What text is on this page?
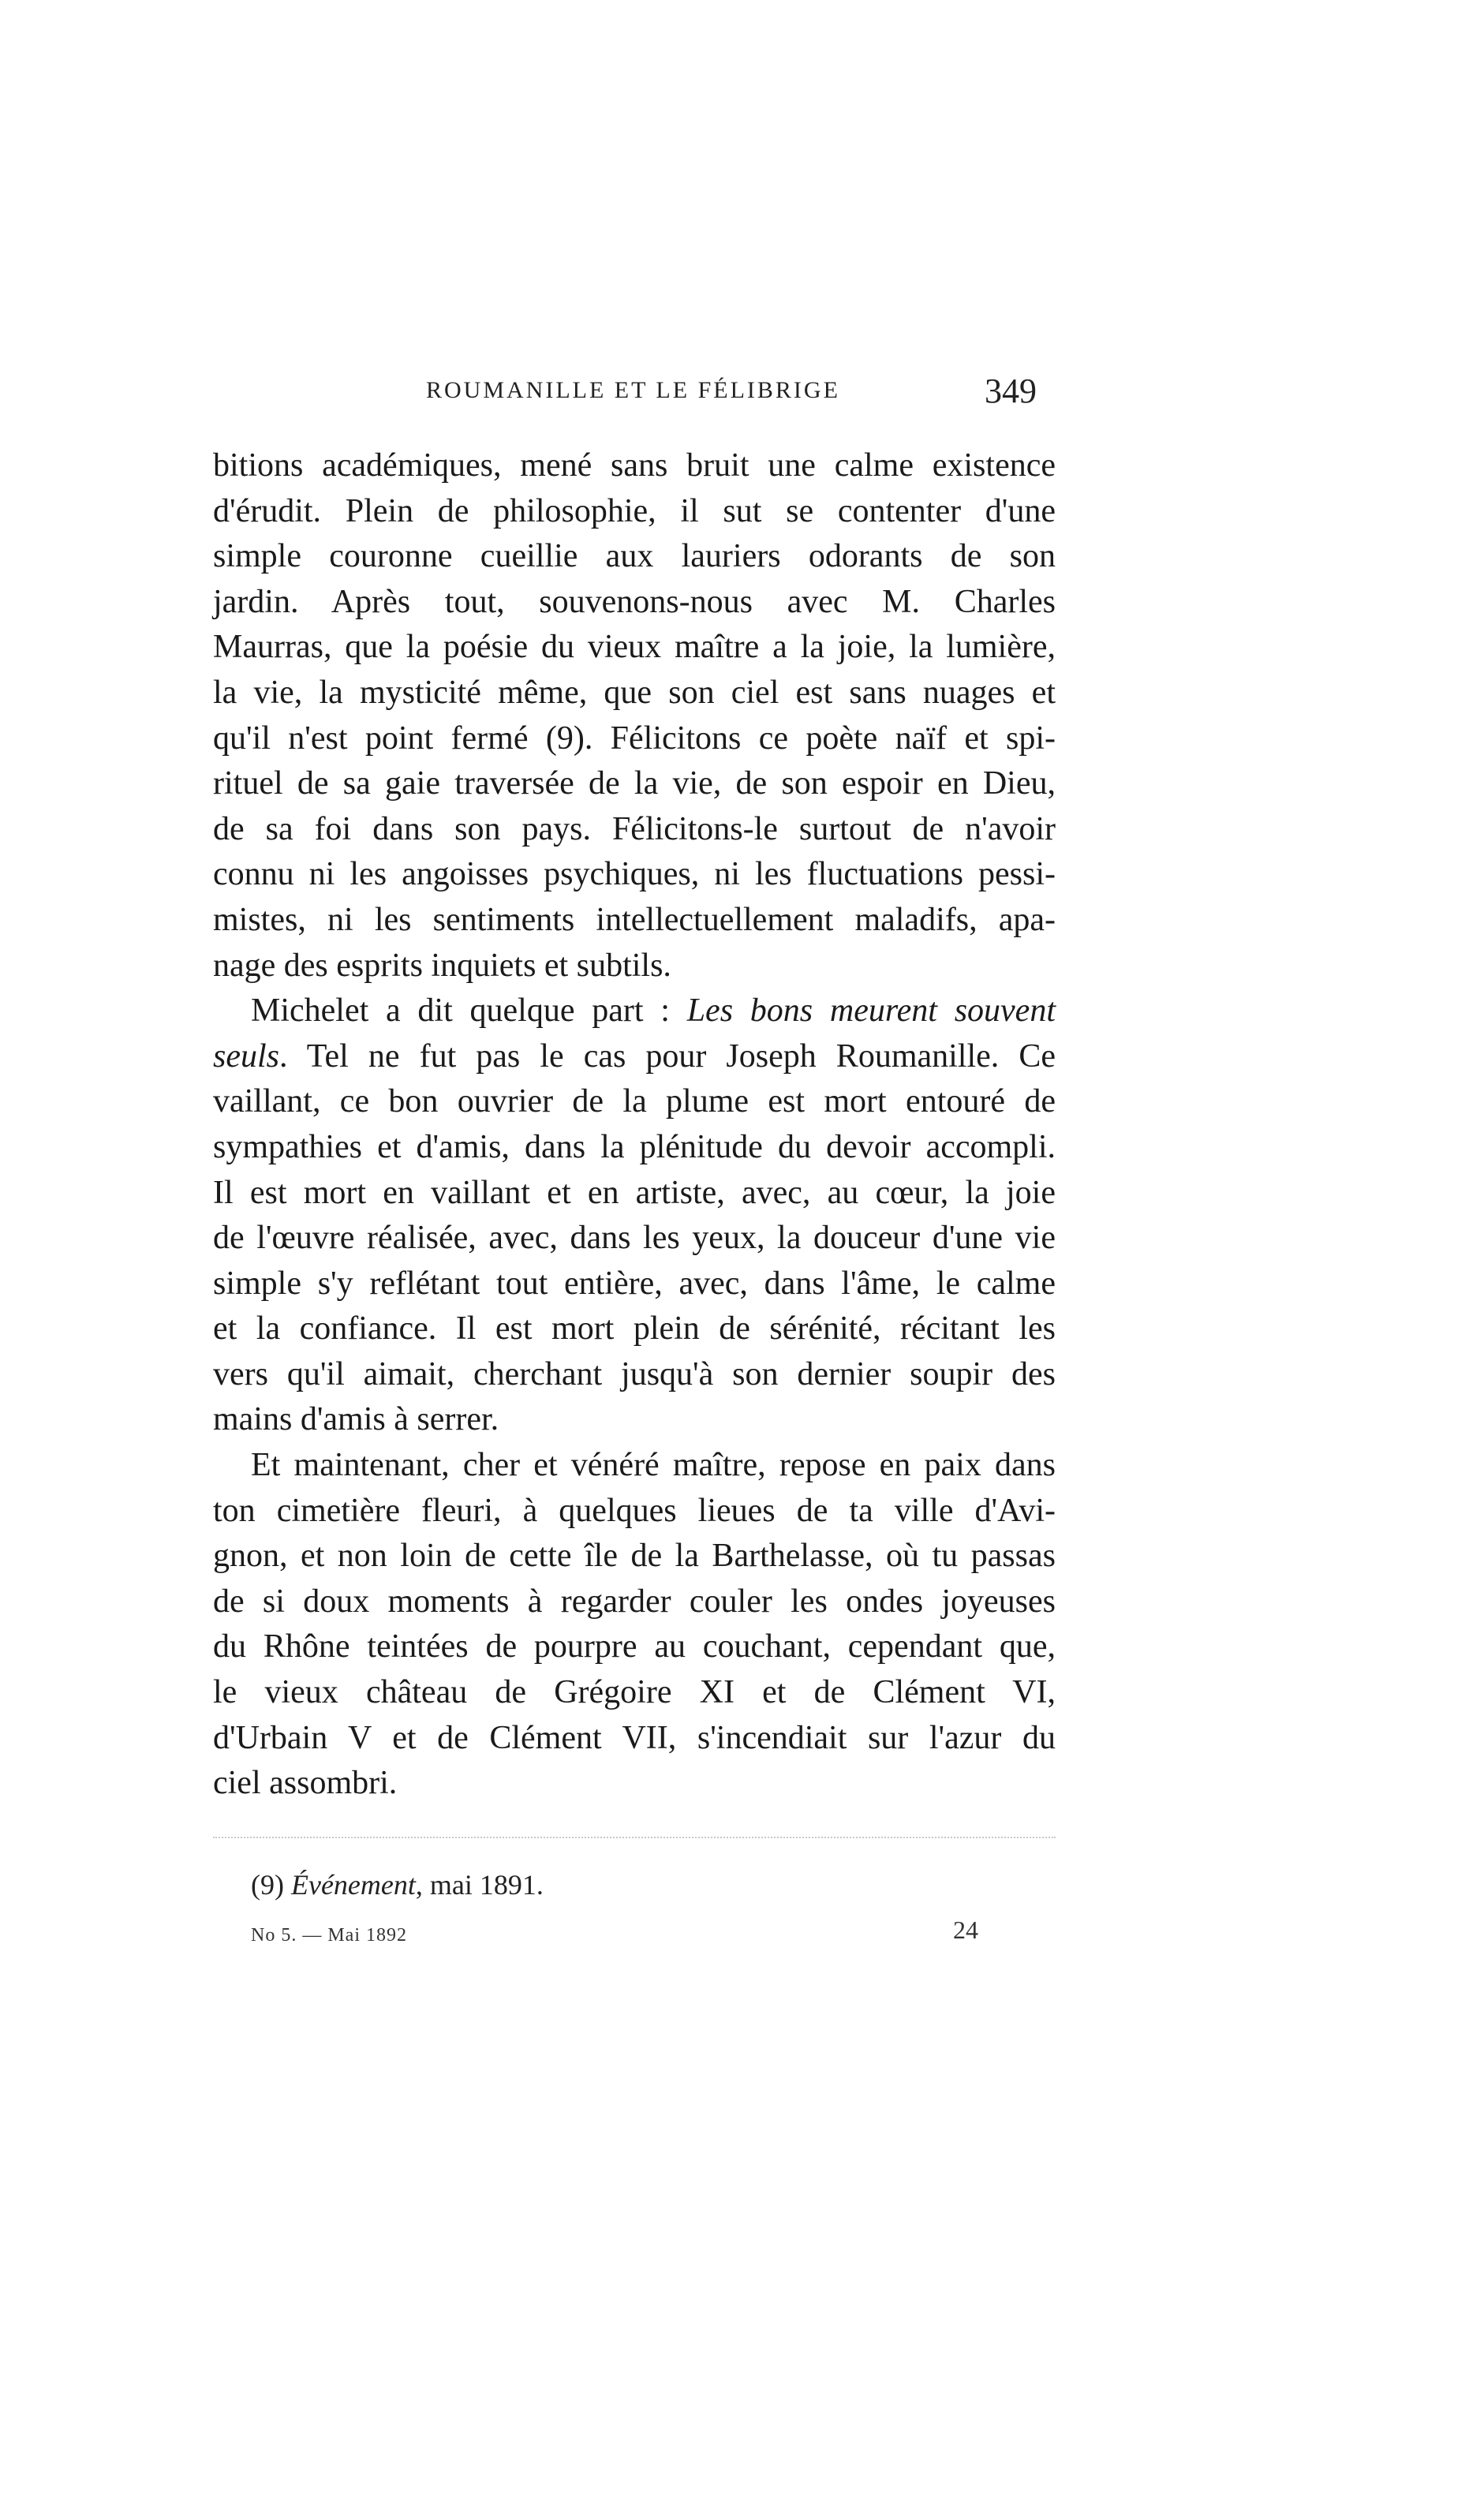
ROUMANILLE ET LE FÉLIBRIGE	349
bitions académiques, mené sans bruit une calme existence
d'érudit. Plein de philosophie, il sut se contenter d'une
simple couronne cueillie aux lauriers odorants de son
jardin. Après tout, souvenons-nous avec M. Charles
Maurras, que la poésie du vieux maître a la joie, la lumière,
la vie, la mysticité même, que son ciel est sans nuages et
qu'il n'est point fermé (9). Félicitons ce poète naïf et spi-
rituel de sa gaie traversée de la vie, de son espoir en Dieu,
de sa foi dans son pays. Félicitons-le surtout de n'avoir
connu ni les angoisses psychiques, ni les fluctuations pessi-
mistes, ni les sentiments intellectuellement maladifs, apa-
nage des esprits inquiets et subtils.
Michelet a dit quelque part : Les bons meurent souvent
seuls. Tel ne fut pas le cas pour Joseph Roumanille. Ce
vaillant, ce bon ouvrier de la plume est mort entouré de
sympathies et d'amis, dans la plénitude du devoir accompli.
Il est mort en vaillant et en artiste, avec, au cœur, la joie
de l'œuvre réalisée, avec, dans les yeux, la douceur d'une vie
simple s'y reflétant tout entière, avec, dans l'âme, le calme
et la confiance. Il est mort plein de sérénité, récitant les
vers qu'il aimait, cherchant jusqu'à son dernier soupir des
mains d'amis à serrer.
Et maintenant, cher et vénéré maître, repose en paix dans
ton cimetière fleuri, à quelques lieues de ta ville d'Avi-
gnon, et non loin de cette île de la Barthelasse, où tu passas
de si doux moments à regarder couler les ondes joyeuses
du Rhône teintées de pourpre au couchant, cependant que,
le vieux château de Grégoire XI et de Clément VI,
d'Urbain V et de Clément VII, s'incendiait sur l'azur du
ciel assombri.
(9) Événement, mai 1891.
No 5. — Mai 1892	24
